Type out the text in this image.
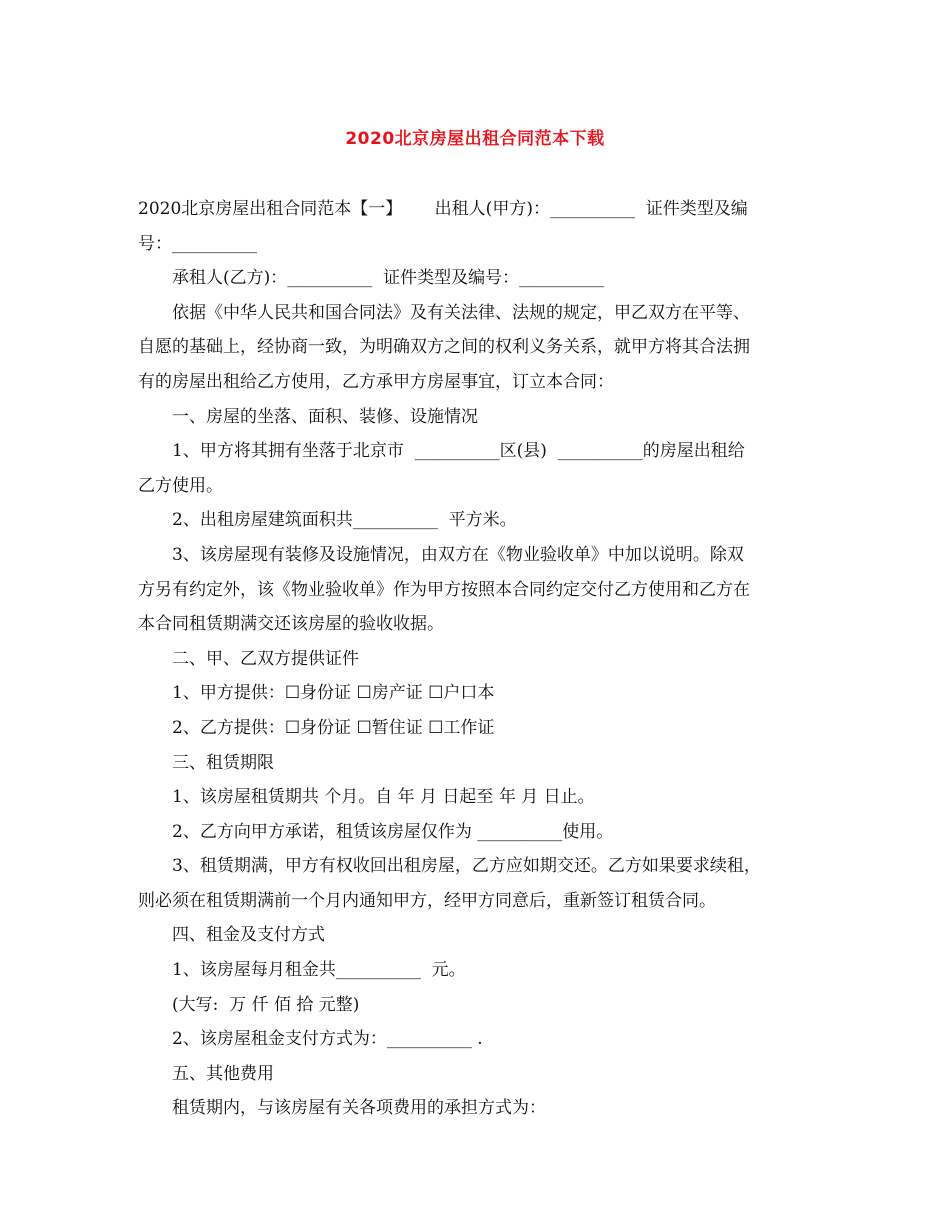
2020北京房屋出租合同范本下载
2020北京房屋出租合同范本【一】      出租人(甲方)：__________  证件类型及编
号：__________
承租人(乙方)：__________  证件类型及编号：__________
依据《中华人民共和国合同法》及有关法律、法规的规定，甲乙双方在平等、
自愿的基础上，经协商一致，为明确双方之间的权利义务关系，就甲方将其合法拥
有的房屋出租给乙方使用，乙方承甲方房屋事宜，订立本合同：
一、房屋的坐落、面积、装修、设施情况
1、甲方将其拥有坐落于北京市  __________区(县)  __________的房屋出租给
乙方使用。
2、出租房屋建筑面积共__________  平方米。
3、该房屋现有装修及设施情况，由双方在《物业验收单》中加以说明。除双
方另有约定外，该《物业验收单》作为甲方按照本合同约定交付乙方使用和乙方在
本合同租赁期满交还该房屋的验收收据。
二、甲、乙双方提供证件
1、甲方提供：☐身份证 ☐房产证 ☐户口本
2、乙方提供：☐身份证 ☐暂住证 ☐工作证
三、租赁期限
1、该房屋租赁期共 个月。自 年 月 日起至 年 月 日止。
2、乙方向甲方承诺，租赁该房屋仅作为 __________使用。
3、租赁期满，甲方有权收回出租房屋，乙方应如期交还。乙方如果要求续租，
则必须在租赁期满前一个月内通知甲方，经甲方同意后，重新签订租赁合同。
四、租金及支付方式
1、该房屋每月租金共__________  元。
(大写:  万 仟 佰 拾 元整)
2、该房屋租金支付方式为：__________ .
五、其他费用
租赁期内，与该房屋有关各项费用的承担方式为：
